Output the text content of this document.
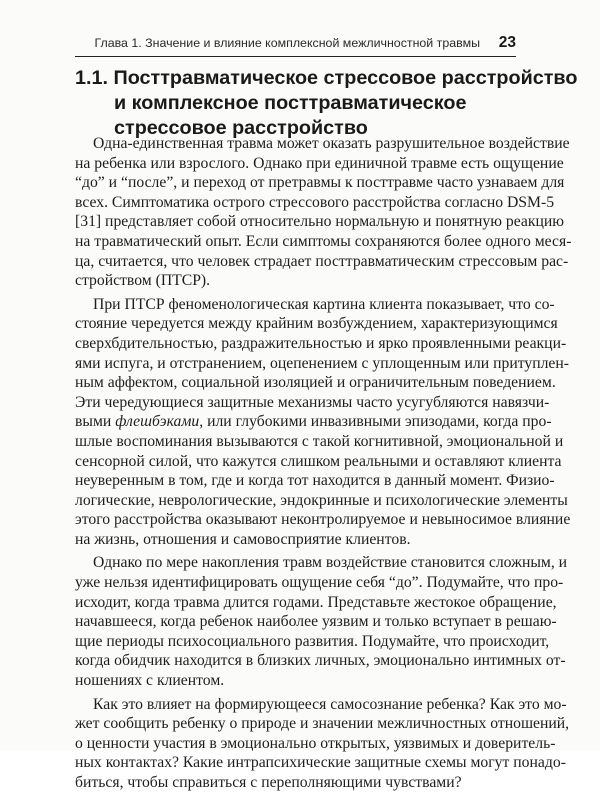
Глава 1. Значение и влияние комплексной межличностной травмы 23
1.1. Посттравматическое стрессовое расстройство
и комплексное посттравматическое
стрессовое расстройство
Одна-единственная травма может оказать разрушительное воздействие
на ребенка или взрослого. Однако при единичной травме есть ощущение
“до” и “после”, и переход от претравмы к посттравме часто узнаваем для
всех. Симптоматика острого стрессового расстройства согласно DSM-5
[31] представляет собой относительно нормальную и понятную реакцию
на травматический опыт. Если симптомы сохраняются более одного меся-
ца, считается, что человек страдает посттравматическим стрессовым рас-
стройством (ПТСР).
При ПТСР феноменологическая картина клиента показывает, что со-
стояние чередуется между крайним возбуждением, характеризующимся
сверхбдительностью, раздражительностью и ярко проявленными реакци-
ями испуга, и отстранением, оцепенением с уплощенным или притуплен-
ным аффектом, социальной изоляцией и ограничительным поведением.
Эти чередующиеся защитные механизмы часто усугубляются навязчи-
выми флешбэками, или глубокими инвазивными эпизодами, когда про-
шлые воспоминания вызываются с такой когнитивной, эмоциональной и
сенсорной силой, что кажутся слишком реальными и оставляют клиента
неуверенным в том, где и когда тот находится в данный момент. Физио-
логические, неврологические, эндокринные и психологические элементы
этого расстройства оказывают неконтролируемое и невыносимое влияние
на жизнь, отношения и самовосприятие клиентов.
Однако по мере накопления травм воздействие становится сложным, и
уже нельзя идентифицировать ощущение себя “до”. Подумайте, что про-
исходит, когда травма длится годами. Представьте жестокое обращение,
начавшееся, когда ребенок наиболее уязвим и только вступает в решаю-
щие периоды психосоциального развития. Подумайте, что происходит,
когда обидчик находится в близких личных, эмоционально интимных от-
ношениях с клиентом.
Как это влияет на формирующееся самосознание ребенка? Как это мо-
жет сообщить ребенку о природе и значении межличностных отношений,
о ценности участия в эмоционально открытых, уязвимых и доверитель-
ных контактах? Какие интрапсихические защитные схемы могут понадо-
биться, чтобы справиться с переполняющими чувствами?
